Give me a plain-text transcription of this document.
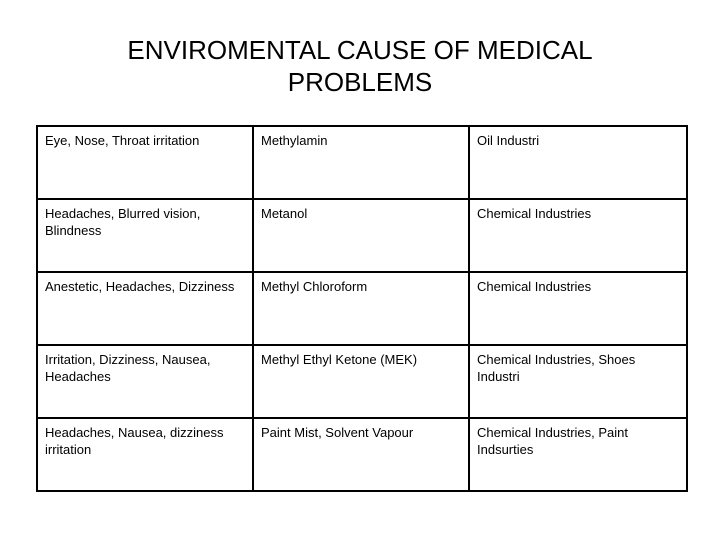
ENVIROMENTAL CAUSE OF MEDICAL
PROBLEMS
Eye, Nose, Throat irritation	Methylamin	Oil Industri
Headaches, Blurred vision, Blindness	Metanol	Chemical Industries
Anestetic, Headaches, Dizziness	Methyl Chloroform	Chemical Industries
Irritation, Dizziness, Nausea, Headaches	Methyl Ethyl Ketone (MEK)	Chemical Industries, Shoes Industri
Headaches, Nausea, dizziness irritation	Paint Mist, Solvent Vapour	Chemical Industries, Paint Indsurties
